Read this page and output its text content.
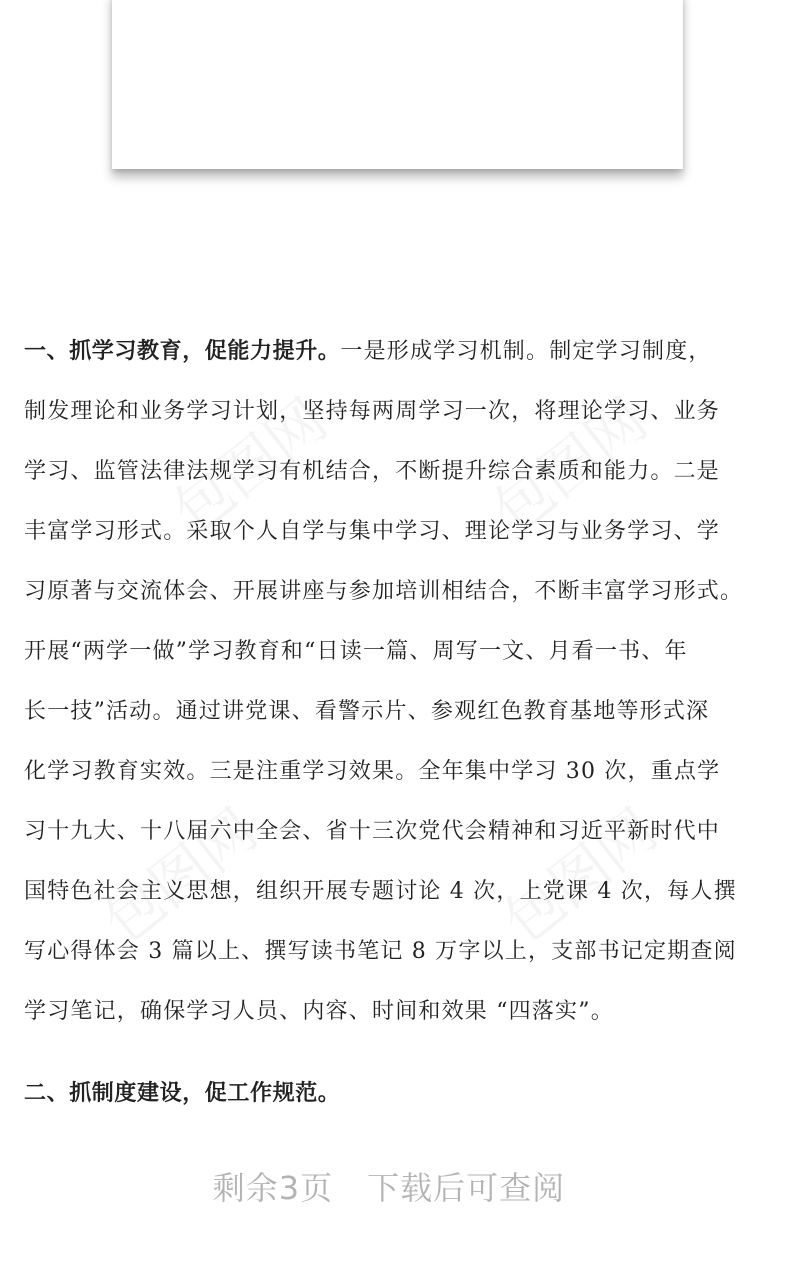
一、抓学习教育，促能力提升。一是形成学习机制。制定学习制度，
制发理论和业务学习计划，坚持每两周学习一次，将理论学习、业务
学习、监管法律法规学习有机结合，不断提升综合素质和能力。二是
丰富学习形式。采取个人自学与集中学习、理论学习与业务学习、学
习原著与交流体会、开展讲座与参加培训相结合，不断丰富学习形式。
开展“两学一做”学习教育和“日读一篇、周写一文、月看一书、年
长一技”活动。通过讲党课、看警示片、参观红色教育基地等形式深
化学习教育实效。三是注重学习效果。全年集中学习 30 次，重点学
习十九大、十八届六中全会、省十三次党代会精神和习近平新时代中
国特色社会主义思想，组织开展专题讨论 4 次，上党课 4 次，每人撰
写心得体会 3 篇以上、撰写读书笔记 8 万字以上，支部书记定期查阅
学习笔记，确保学习人员、内容、时间和效果 “四落实”。

二、抓制度建设，促工作规范。

剩余3页 下载后可查阅
